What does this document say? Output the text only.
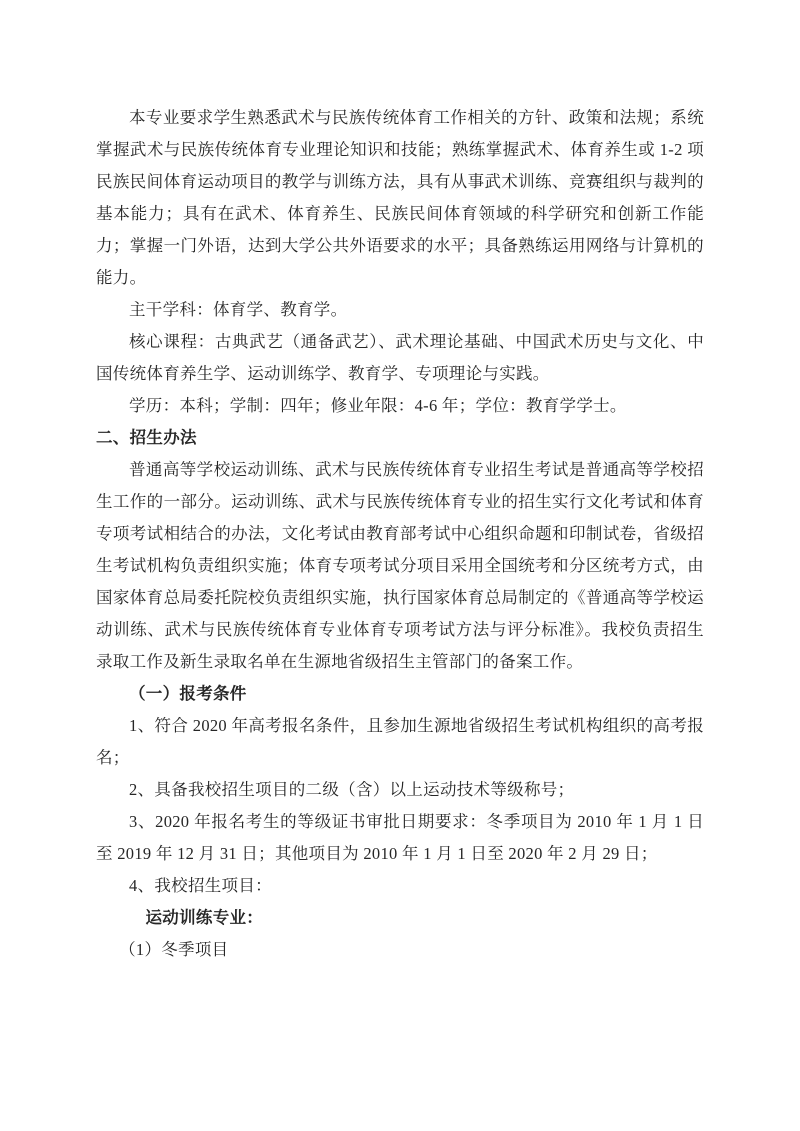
本专业要求学生熟悉武术与民族传统体育工作相关的方针、政策和法规；系统掌握武术与民族传统体育专业理论知识和技能；熟练掌握武术、体育养生或 1-2 项民族民间体育运动项目的教学与训练方法，具有从事武术训练、竞赛组织与裁判的基本能力；具有在武术、体育养生、民族民间体育领域的科学研究和创新工作能力；掌握一门外语，达到大学公共外语要求的水平；具备熟练运用网络与计算机的能力。

主干学科：体育学、教育学。

核心课程：古典武艺（通备武艺）、武术理论基础、中国武术历史与文化、中国传统体育养生学、运动训练学、教育学、专项理论与实践。

学历：本科；学制：四年；修业年限：4-6 年；学位：教育学学士。

二、招生办法

普通高等学校运动训练、武术与民族传统体育专业招生考试是普通高等学校招生工作的一部分。运动训练、武术与民族传统体育专业的招生实行文化考试和体育专项考试相结合的办法，文化考试由教育部考试中心组织命题和印制试卷，省级招生考试机构负责组织实施；体育专项考试分项目采用全国统考和分区统考方式，由国家体育总局委托院校负责组织实施，执行国家体育总局制定的《普通高等学校运动训练、武术与民族传统体育专业体育专项考试方法与评分标准》。我校负责招生录取工作及新生录取名单在生源地省级招生主管部门的备案工作。

（一）报考条件

1、符合 2020 年高考报名条件，且参加生源地省级招生考试机构组织的高考报名；

2、具备我校招生项目的二级（含）以上运动技术等级称号；

3、2020 年报名考生的等级证书审批日期要求：冬季项目为 2010 年 1 月 1 日至 2019 年 12 月 31 日；其他项目为 2010 年 1 月 1 日至 2020 年 2 月 29 日；

4、我校招生项目：

运动训练专业：

（1）冬季项目
